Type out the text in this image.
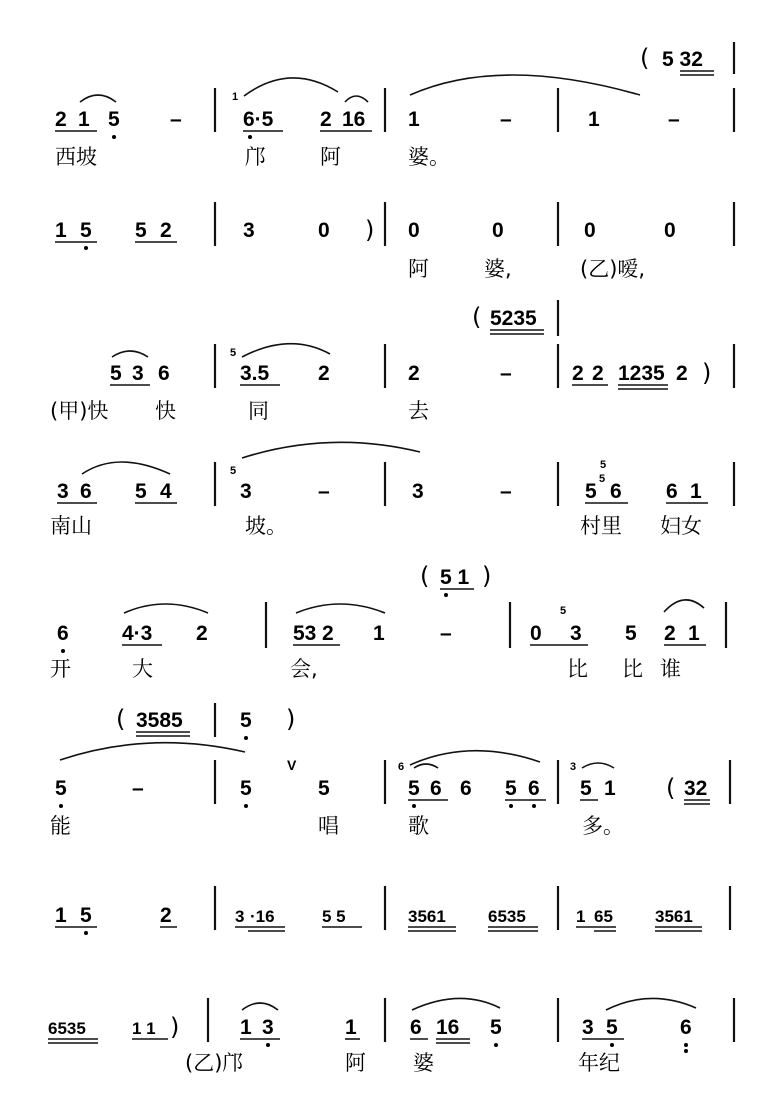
( 5 32
2 1 5 –
1
6·5 2 16 1	–	1	–
西坡	邝	阿	婆。
1 5 5 2	3	0 ) 0	0	0	0
阿	婆,	(乙)嗳,
( 5235
5 3 6
5
3.5 2	2	–	2 2 1235 2 )
(甲)快 快	同	去
3 6 5 4
5
3	–	3	–
5
5
5
6 6 1
南山	坡。	村里 妇女
( 5 1 )
6	4·3 2	53 2 1	–	0
5
3 5 2 1
开	大	会,	比 比 谁
( 3585	5 )
5	–	5
V
5
6
5 6 6 5 6
3
5 1 ( 32
能	唱	歌	多。
1 5	2	3 ·16	5 5	3561 6535	1 65 3561
6535	1 1 )	1 3	1	6 16 5	3 5	6
(乙)邝	阿 婆	年纪
